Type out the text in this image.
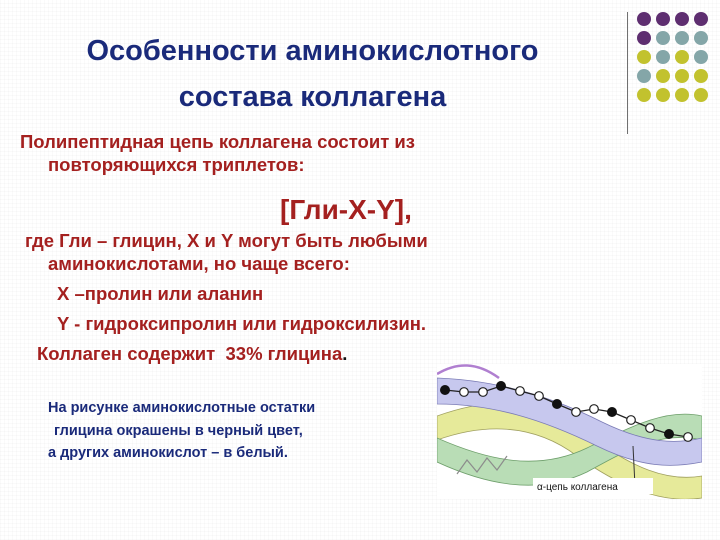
Особенности аминокислотного
состава коллагена
Полипептидная цепь коллагена состоит из
повторяющихся триплетов:
[Гли-X-Y],
где Гли – глицин, X и Y могут быть любыми
аминокислотами, но чаще всего:
X –пролин или аланин
Y - гидроксипролин или гидроксилизин.
Коллаген содержит 33% глицина.
На рисунке аминокислотные остатки
глицина окрашены в черный цвет,
а других аминокислот – в белый.
α-цепь коллагена
